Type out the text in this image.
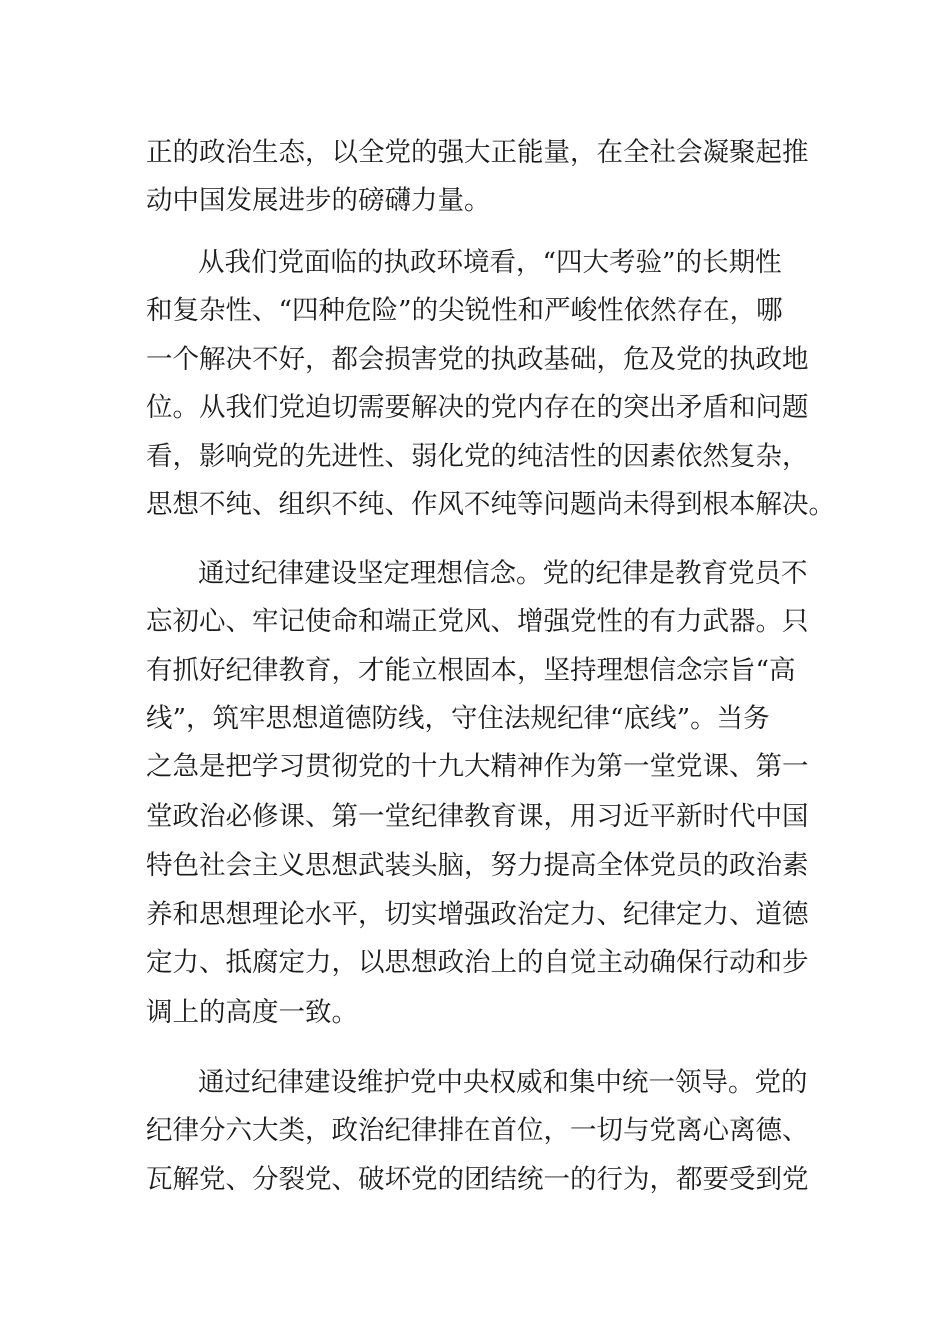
正的政治生态，以全党的强大正能量，在全社会凝聚起推
动中国发展进步的磅礴力量。
从我们党面临的执政环境看，“四大考验”的长期性
和复杂性、“四种危险”的尖锐性和严峻性依然存在，哪
一个解决不好，都会损害党的执政基础，危及党的执政地
位。从我们党迫切需要解决的党内存在的突出矛盾和问题
看，影响党的先进性、弱化党的纯洁性的因素依然复杂，
思想不纯、组织不纯、作风不纯等问题尚未得到根本解决。
通过纪律建设坚定理想信念。党的纪律是教育党员不
忘初心、牢记使命和端正党风、增强党性的有力武器。只
有抓好纪律教育，才能立根固本，坚持理想信念宗旨“高
线”，筑牢思想道德防线，守住法规纪律“底线”。当务
之急是把学习贯彻党的十九大精神作为第一堂党课、第一
堂政治必修课、第一堂纪律教育课，用习近平新时代中国
特色社会主义思想武装头脑，努力提高全体党员的政治素
养和思想理论水平，切实增强政治定力、纪律定力、道德
定力、抵腐定力，以思想政治上的自觉主动确保行动和步
调上的高度一致。
通过纪律建设维护党中央权威和集中统一领导。党的
纪律分六大类，政治纪律排在首位，一切与党离心离德、
瓦解党、分裂党、破坏党的团结统一的行为，都要受到党
